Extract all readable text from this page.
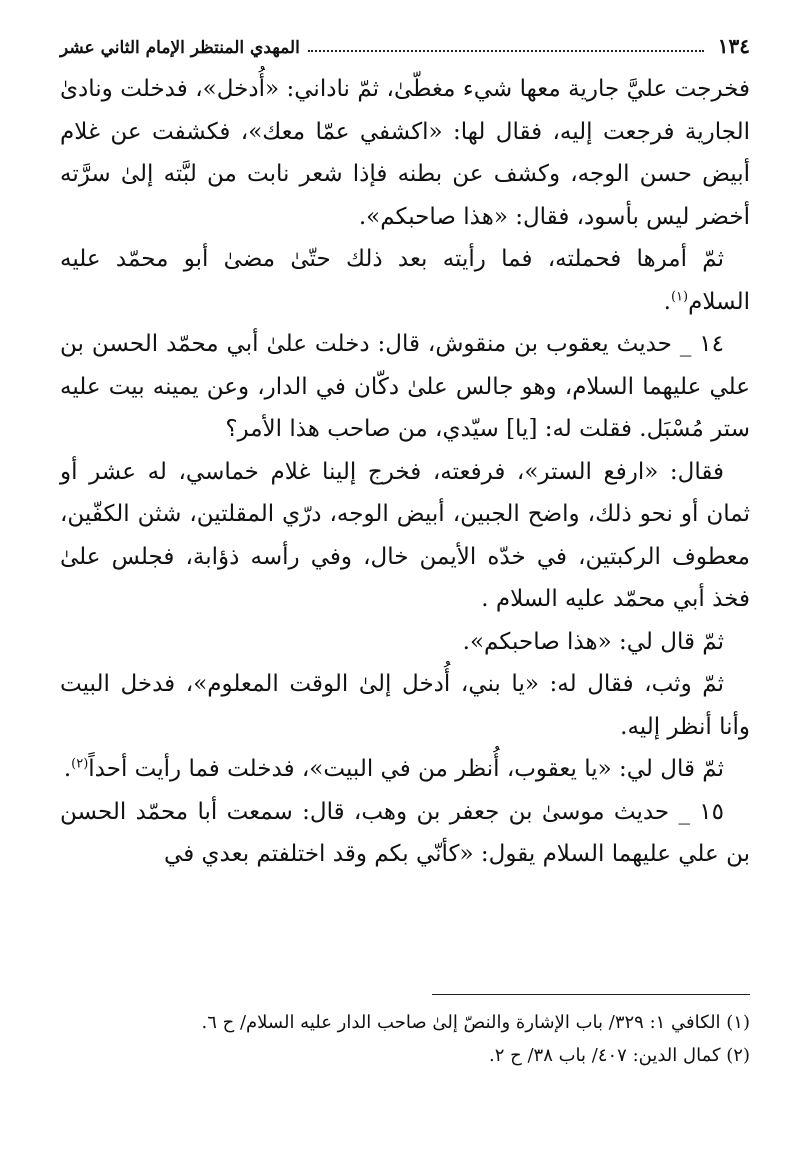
١٣٤
المهدي المنتظر الإمام الثاني عشر

فخرجت عليَّ جارية معها شيء مغطّىٰ، ثمّ ناداني: «أُدخل»، فدخلت ونادىٰ الجارية فرجعت إليه، فقال لها: «اكشفي عمّا معك»، فكشفت عن غلام أبيض حسن الوجه، وكشف عن بطنه فإذا شعر نابت من لبَّته إلىٰ سرَّته أخضر ليس بأسود، فقال: «هذا صاحبكم».

ثمّ أمرها فحملته، فما رأيته بعد ذلك حتّىٰ مضىٰ أبو محمّد عليه السلام$^{(١)}$.

١٤ _ حديث يعقوب بن منقوش، قال: دخلت علىٰ أبي محمّد الحسن بن علي عليهما السلام، وهو جالس علىٰ دكّان في الدار، وعن يمينه بيت عليه ستر مُسْبَل. فقلت له: [يا] سيّدي، من صاحب هذا الأمر؟

فقال: «ارفع الستر»، فرفعته، فخرج إلينا غلام خماسي، له عشر أو ثمان أو نحو ذلك، واضح الجبين، أبيض الوجه، درّي المقلتين، شثن الكفّين، معطوف الركبتين، في خدّه الأيمن خال، وفي رأسه ذؤابة، فجلس علىٰ فخذ أبي محمّد عليه السلام .

ثمّ قال لي: «هذا صاحبكم».

ثمّ وثب، فقال له: «يا بني، أُدخل إلىٰ الوقت المعلوم»، فدخل البيت وأنا أنظر إليه.

ثمّ قال لي: «يا يعقوب، أُنظر من في البيت»، فدخلت فما رأيت أحداً$^{(٢)}$.

١٥ _ حديث موسىٰ بن جعفر بن وهب، قال: سمعت أبا محمّد الحسن بن علي عليهما السلام يقول: «كأنّي بكم وقد اختلفتم بعدي في

(١) الكافي ١: ٣٢٩/ باب الإشارة والنصّ إلىٰ صاحب الدار عليه السلام/ ح ٦.

(٢) كمال الدين: ٤٠٧/ باب ٣٨/ ح ٢.
